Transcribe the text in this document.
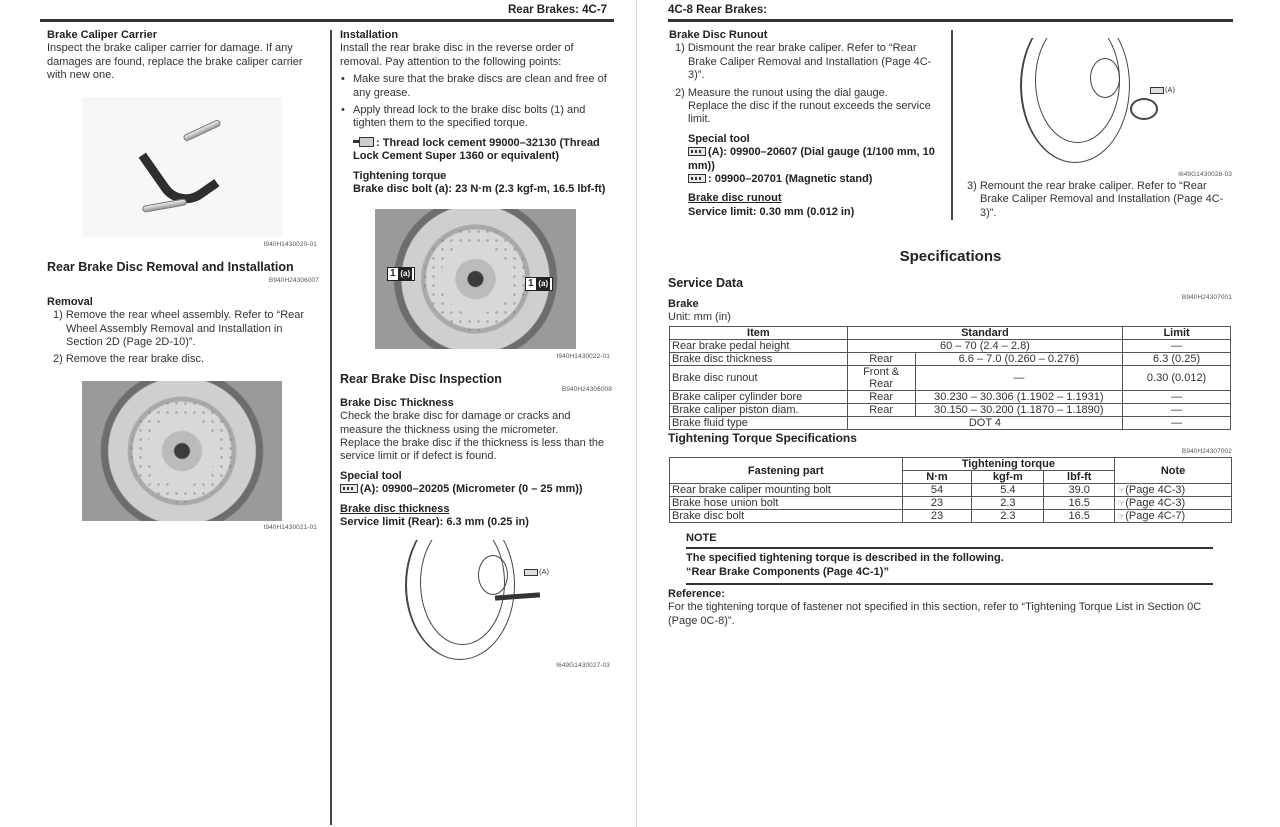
Rear Brakes: 4C-7
Brake Caliper Carrier
Inspect the brake caliper carrier for damage. If any damages are found, replace the brake caliper carrier with new one.
I940H1430020-01
Rear Brake Disc Removal and Installation
B940H24306007
Removal
1) Remove the rear wheel assembly. Refer to “Rear Wheel Assembly Removal and Installation in Section 2D (Page 2D-10)”.
2) Remove the rear brake disc.
I940H1430021-01
Installation
Install the rear brake disc in the reverse order of removal. Pay attention to the following points:
• Make sure that the brake discs are clean and free of any grease.
• Apply thread lock to the brake disc bolts (1) and tighten them to the specified torque.
: Thread lock cement 99000–32130 (Thread Lock Cement Super 1360 or equivalent)
Tightening torque
Brake disc bolt (a): 23 N·m (2.3 kgf-m, 16.5 lbf-ft)
1 (a)
1 (a)
I940H1430022-01
Rear Brake Disc Inspection
B940H24306008
Brake Disc Thickness
Check the brake disc for damage or cracks and measure the thickness using the micrometer.
Replace the brake disc if the thickness is less than the service limit or if defect is found.
Special tool
(A): 09900–20205 (Micrometer (0 – 25 mm))
Brake disc thickness
Service limit (Rear): 6.3 mm (0.25 in)
(A)
I649G1430027-03
4C-8 Rear Brakes:
Brake Disc Runout
1) Dismount the rear brake caliper. Refer to “Rear Brake Caliper Removal and Installation (Page 4C-3)”.
2) Measure the runout using the dial gauge.
Replace the disc if the runout exceeds the service limit.
Special tool
(A): 09900–20607 (Dial gauge (1/100 mm, 10 mm))
: 09900–20701 (Magnetic stand)
Brake disc runout
Service limit: 0.30 mm (0.012 in)
(A)
I649G1430028-03
3) Remount the rear brake caliper. Refer to “Rear Brake Caliper Removal and Installation (Page 4C-3)”.
Specifications
Service Data
B940H24307001
Brake
Unit: mm (in)
Item	Standard		Limit
Rear brake pedal height	60 – 70 (2.4 – 2.8)		—
Brake disc thickness	Rear	6.6 – 7.0 (0.260 – 0.276)	6.3 (0.25)
Brake disc runout	Front & Rear	—	0.30 (0.012)
Brake caliper cylinder bore	Rear	30.230 – 30.306 (1.1902 – 1.1931)	—
Brake caliper piston diam.	Rear	30.150 – 30.200 (1.1870 – 1.1890)	—
Brake fluid type	DOT 4		—
Tightening Torque Specifications
B940H24307002
Fastening part	Tightening torque			Note
	N·m	kgf-m	lbf-ft	
Rear brake caliper mounting bolt	54	5.4	39.0	☞(Page 4C-3)
Brake hose union bolt	23	2.3	16.5	☞(Page 4C-3)
Brake disc bolt	23	2.3	16.5	☞(Page 4C-7)
NOTE
The specified tightening torque is described in the following.
“Rear Brake Components (Page 4C-1)”
Reference:
For the tightening torque of fastener not specified in this section, refer to “Tightening Torque List in Section 0C (Page 0C-8)”.
